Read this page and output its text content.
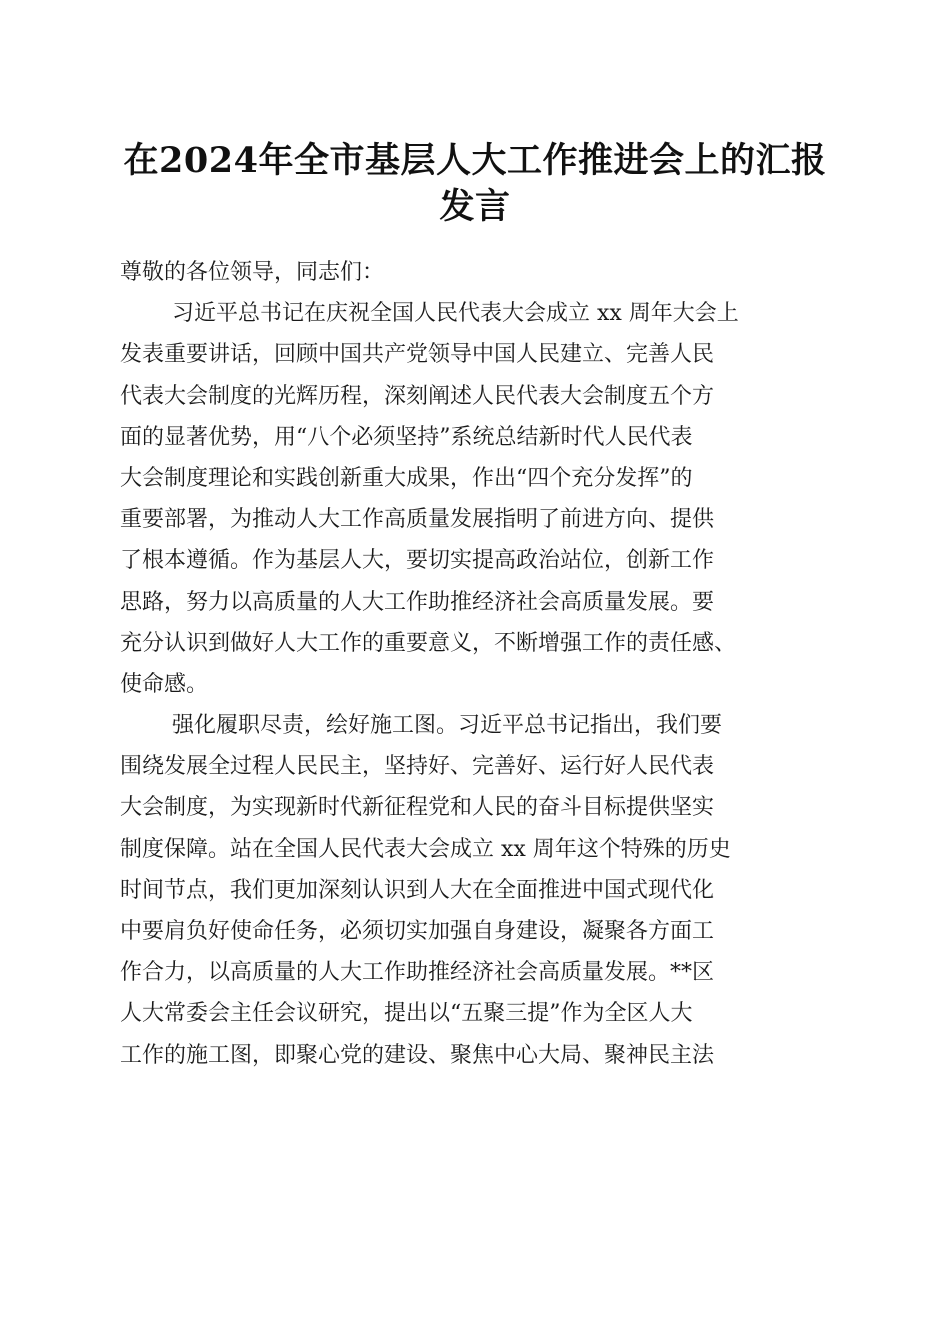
在2024年全市基层人大工作推进会上的汇报
发言
尊敬的各位领导，同志们：
习近平总书记在庆祝全国人民代表大会成立 xx 周年大会上
发表重要讲话，回顾中国共产党领导中国人民建立、完善人民
代表大会制度的光辉历程，深刻阐述人民代表大会制度五个方
面的显著优势，用“八个必须坚持”系统总结新时代人民代表
大会制度理论和实践创新重大成果，作出“四个充分发挥”的
重要部署，为推动人大工作高质量发展指明了前进方向、提供
了根本遵循。作为基层人大，要切实提高政治站位，创新工作
思路，努力以高质量的人大工作助推经济社会高质量发展。要
充分认识到做好人大工作的重要意义，不断增强工作的责任感、
使命感。
强化履职尽责，绘好施工图。习近平总书记指出，我们要
围绕发展全过程人民民主，坚持好、完善好、运行好人民代表
大会制度，为实现新时代新征程党和人民的奋斗目标提供坚实
制度保障。站在全国人民代表大会成立 xx 周年这个特殊的历史
时间节点，我们更加深刻认识到人大在全面推进中国式现代化
中要肩负好使命任务，必须切实加强自身建设，凝聚各方面工
作合力，以高质量的人大工作助推经济社会高质量发展。**区
人大常委会主任会议研究，提出以“五聚三提”作为全区人大
工作的施工图，即聚心党的建设、聚焦中心大局、聚神民主法
